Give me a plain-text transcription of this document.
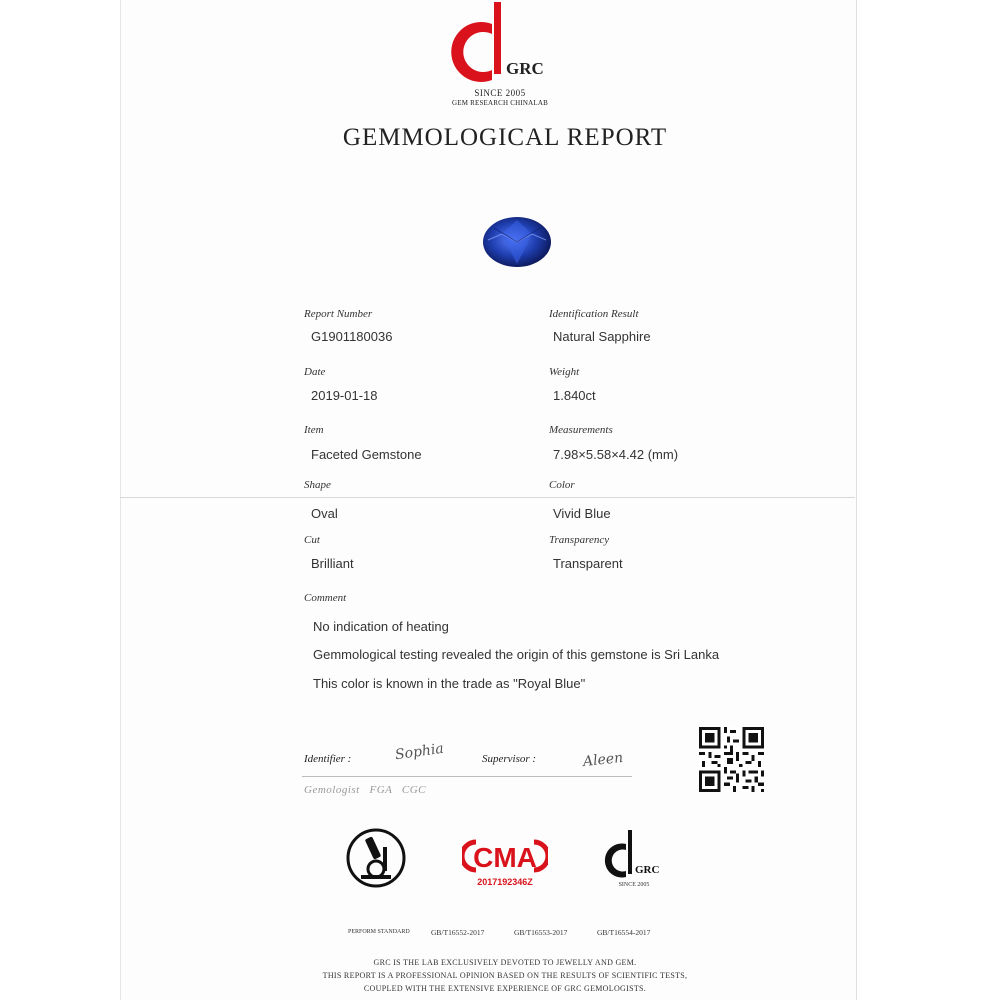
GRC
SINCE 2005
GEM RESEARCH CHINALAB
GEMMOLOGICAL REPORT
Report Number
G1901180036
Identification Result
Natural Sapphire
Date
2019-01-18
Weight
1.840ct
Item
Faceted Gemstone
Measurements
7.98×5.58×4.42 (mm)
Shape
Oval
Color
Vivid Blue
Cut
Brilliant
Transparency
Transparent
Comment
No indication of heating
Gemmological testing revealed the origin of this gemstone is Sri Lanka
This color is known in the trade as "Royal Blue"
Identifier :	Sophia	Supervisor :	Aleen
Gemologist   FGA   CGC
CMA
2017192346Z
GRC
SINCE 2005
PERFORM STANDARD	GB/T16552-2017	GB/T16553-2017	GB/T16554-2017
GRC IS THE LAB EXCLUSIVELY DEVOTED TO JEWELLY AND GEM.
THIS REPORT IS A PROFESSIONAL OPINION BASED ON THE RESULTS OF SCIENTIFIC TESTS,
COUPLED WITH THE EXTENSIVE EXPERIENCE OF GRC GEMOLOGISTS.
